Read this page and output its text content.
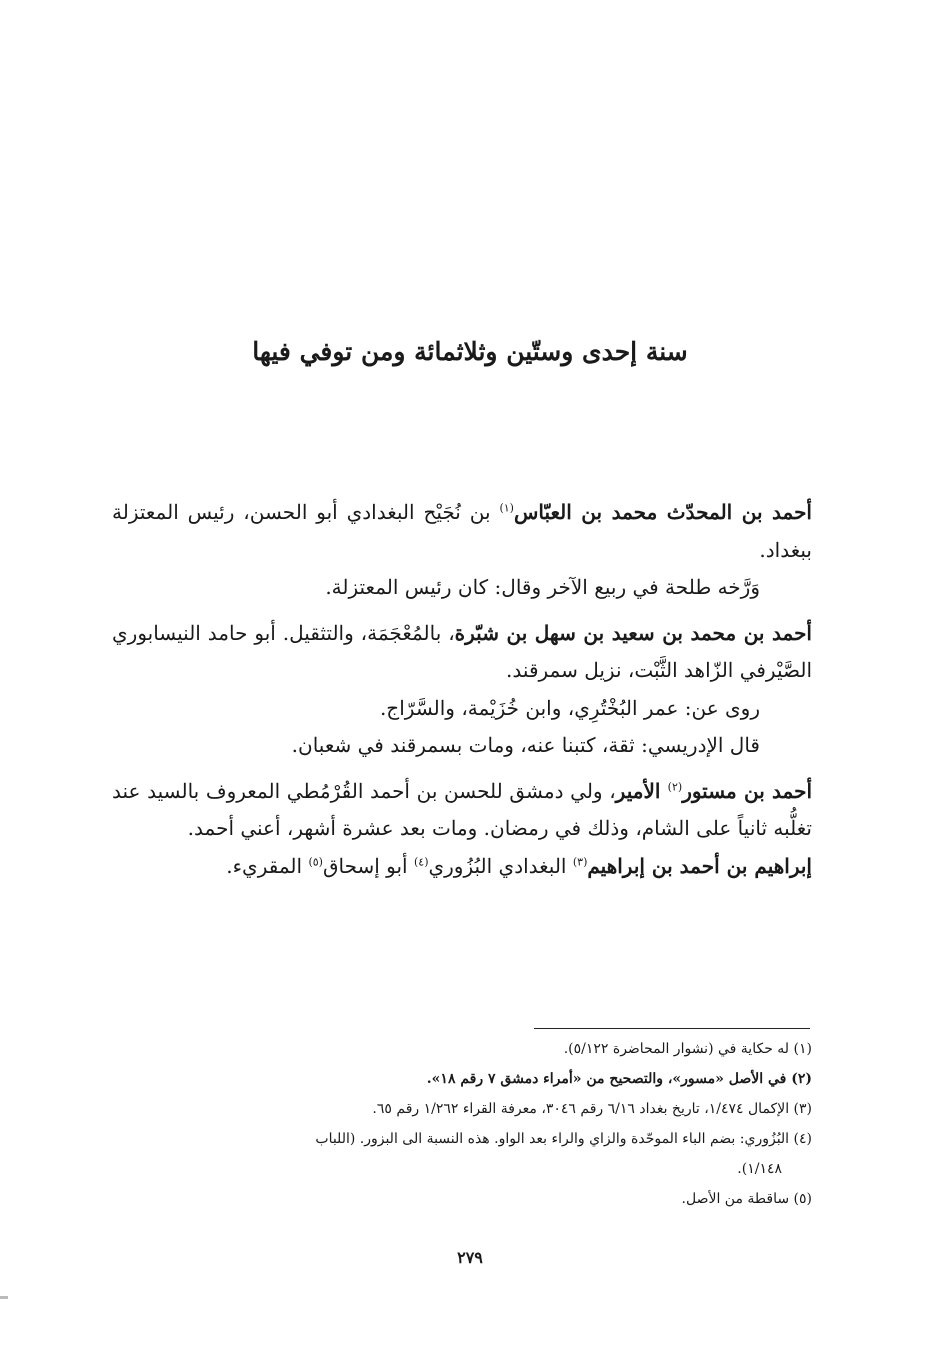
سنة إحدى وستّين وثلاثمائة ومن توفي فيها

أحمد بن المحدّث محمد بن العبّاس$^{(١)}$ بن نُجَيْح البغدادي أبو الحسن، رئيس المعتزلة ببغداد.

وَرَّخه طلحة في ربيع الآخر وقال: كان رئيس المعتزلة.

أحمد بن محمد بن سعيد بن سهل بن شبّرة، بالمُعْجَمَة، والتثقيل. أبو حامد النيسابوري الصَّيْرفي الزّاهد الثَّبْت، نزيل سمرقند.

روى عن: عمر البُخْتُرِي، وابن خُزَيْمة، والسَّرّاج.

قال الإدريسي: ثقة، كتبنا عنه، ومات بسمرقند في شعبان.

أحمد بن مستور$^{(٢)}$ الأمير، ولي دمشق للحسن بن أحمد القُرْمُطي المعروف بالسيد عند تغلُّبه ثانياً على الشام، وذلك في رمضان. ومات بعد عشرة أشهر، أعني أحمد.

إبراهيم بن أحمد بن إبراهيم$^{(٣)}$ البغدادي البُزُوري$^{(٤)}$ أبو إسحاق$^{(٥)}$ المقريء.

(١) له حكاية في (نشوار المحاضرة ٥/١٢٢).

(٢) في الأصل «مسور»، والتصحيح من «أمراء دمشق ٧ رقم ١٨».

(٣) الإكمال ١/٤٧٤، تاريخ بغداد ٦/١٦ رقم ٣٠٤٦، معرفة القراء ١/٢٦٢ رقم ٦٥.

(٤) البُزُوري: بضم الباء الموحّدة والزاي والراء بعد الواو. هذه النسبة الى البزور. (اللباب

١/١٤٨).

(٥) ساقطة من الأصل.

٢٧٩
